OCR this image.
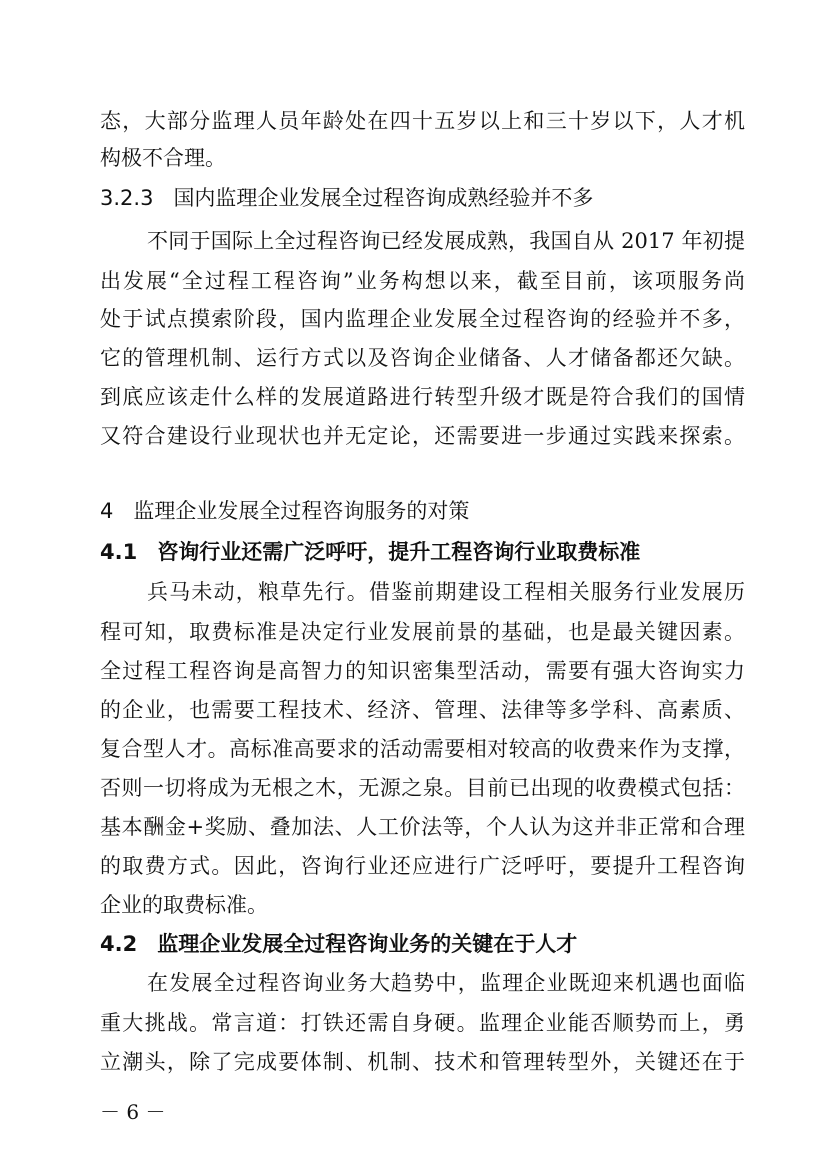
态，大部分监理人员年龄处在四十五岁以上和三十岁以下，人才机
构极不合理。
3.2.3 国内监理企业发展全过程咨询成熟经验并不多
不同于国际上全过程咨询已经发展成熟，我国自从 2017 年初提
出发展“全过程工程咨询”业务构想以来，截至目前，该项服务尚
处于试点摸索阶段，国内监理企业发展全过程咨询的经验并不多，
它的管理机制、运行方式以及咨询企业储备、人才储备都还欠缺。
到底应该走什么样的发展道路进行转型升级才既是符合我们的国情
又符合建设行业现状也并无定论，还需要进一步通过实践来探索。
4 监理企业发展全过程咨询服务的对策
4.1 咨询行业还需广泛呼吁，提升工程咨询行业取费标准
兵马未动，粮草先行。借鉴前期建设工程相关服务行业发展历
程可知，取费标准是决定行业发展前景的基础，也是最关键因素。
全过程工程咨询是高智力的知识密集型活动，需要有强大咨询实力
的企业，也需要工程技术、经济、管理、法律等多学科、高素质、
复合型人才。高标准高要求的活动需要相对较高的收费来作为支撑，
否则一切将成为无根之木，无源之泉。目前已出现的收费模式包括：
基本酬金+奖励、叠加法、人工价法等，个人认为这并非正常和合理
的取费方式。因此，咨询行业还应进行广泛呼吁，要提升工程咨询
企业的取费标准。
4.2 监理企业发展全过程咨询业务的关键在于人才
在发展全过程咨询业务大趋势中，监理企业既迎来机遇也面临
重大挑战。常言道：打铁还需自身硬。监理企业能否顺势而上，勇
立潮头，除了完成要体制、机制、技术和管理转型外，关键还在于
－ 6 －
